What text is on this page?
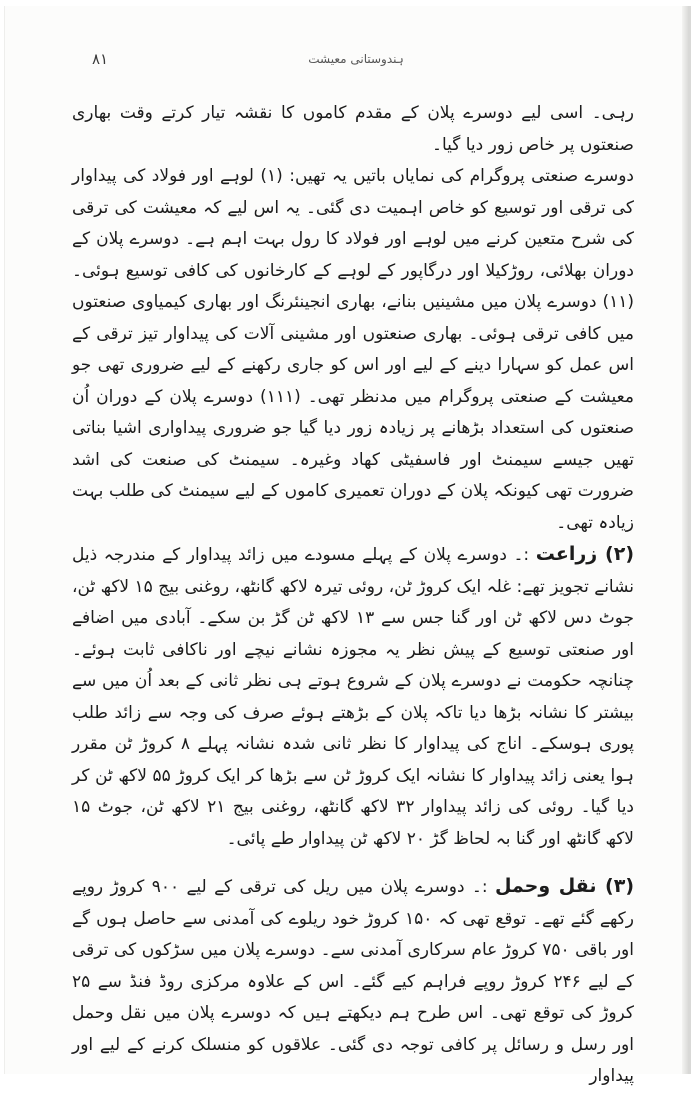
۸۱	ہندوستانی معیشت

رہی۔ اسی لیے دوسرے پلان کے مقدم کاموں کا نقشہ تیار کرتے وقت بھاری صنعتوں پر خاص زور دیا گیا۔

دوسرے صنعتی پروگرام کی نمایاں باتیں یہ تھیں: (۱) لوہے اور فولاد کی پیداوار کی ترقی اور توسیع کو خاص اہمیت دی گئی۔ یہ اس لیے کہ معیشت کی ترقی کی شرح متعین کرنے میں لوہے اور فولاد کا رول بہت اہم ہے۔ دوسرے پلان کے دوران بھلائی، روڑکیلا اور درگاپور کے لوہے کے کارخانوں کی کافی توسیع ہوئی۔ (۱۱) دوسرے پلان میں مشینیں بنانے، بھاری انجینئرنگ اور بھاری کیمیاوی صنعتوں میں کافی ترقی ہوئی۔ بھاری صنعتوں اور مشینی آلات کی پیداوار تیز ترقی کے اس عمل کو سہارا دینے کے لیے اور اس کو جاری رکھنے کے لیے ضروری تھی جو معیشت کے صنعتی پروگرام میں مدنظر تھی۔ (۱۱۱) دوسرے پلان کے دوران اُن صنعتوں کی استعداد بڑھانے پر زیادہ زور دیا گیا جو ضروری پیداواری اشیا بناتی تھیں جیسے سیمنٹ اور فاسفیٹی کھاد وغیرہ۔ سیمنٹ کی صنعت کی اشد ضرورت تھی کیونکہ پلان کے دوران تعمیری کاموں کے لیے سیمنٹ کی طلب بہت زیادہ تھی۔

(۲) زراعت :۔ دوسرے پلان کے پہلے مسودے میں زائد پیداوار کے مندرجہ ذیل نشانے تجویز تھے: غلہ ایک کروڑ ٹن، روئی تیرہ لاکھ گانٹھ، روغنی بیج ۱۵ لاکھ ٹن، جوٹ دس لاکھ ٹن اور گنا جس سے ۱۳ لاکھ ٹن گڑ بن سکے۔ آبادی میں اضافے اور صنعتی توسیع کے پیش نظر یہ مجوزہ نشانے نیچے اور ناکافی ثابت ہوئے۔ چنانچہ حکومت نے دوسرے پلان کے شروع ہوتے ہی نظر ثانی کے بعد اُن میں سے بیشتر کا نشانہ بڑھا دیا تاکہ پلان کے بڑھتے ہوئے صرف کی وجہ سے زائد طلب پوری ہوسکے۔ اناج کی پیداوار کا نظر ثانی شدہ نشانہ پہلے ۸ کروڑ ٹن مقرر ہوا یعنی زائد پیداوار کا نشانہ ایک کروڑ ٹن سے بڑھا کر ایک کروڑ ۵۵ لاکھ ٹن کر دیا گیا۔ روئی کی زائد پیداوار ۳۲ لاکھ گانٹھ، روغنی بیج ۲۱ لاکھ ٹن، جوٹ ۱۵ لاکھ گانٹھ اور گنا بہ لحاظ گڑ ۲۰ لاکھ ٹن پیداوار طے پائی۔

(۳) نقل وحمل :۔ دوسرے پلان میں ریل کی ترقی کے لیے ۹۰۰ کروڑ روپے رکھے گئے تھے۔ توقع تھی کہ ۱۵۰ کروڑ خود ریلوے کی آمدنی سے حاصل ہوں گے اور باقی ۷۵۰ کروڑ عام سرکاری آمدنی سے۔ دوسرے پلان میں سڑکوں کی ترقی کے لیے ۲۴۶ کروڑ روپے فراہم کیے گئے۔ اس کے علاوہ مرکزی روڈ فنڈ سے ۲۵ کروڑ کی توقع تھی۔ اس طرح ہم دیکھتے ہیں کہ دوسرے پلان میں نقل وحمل اور رسل و رسائل پر کافی توجہ دی گئی۔ علاقوں کو منسلک کرنے کے لیے اور پیداوار
